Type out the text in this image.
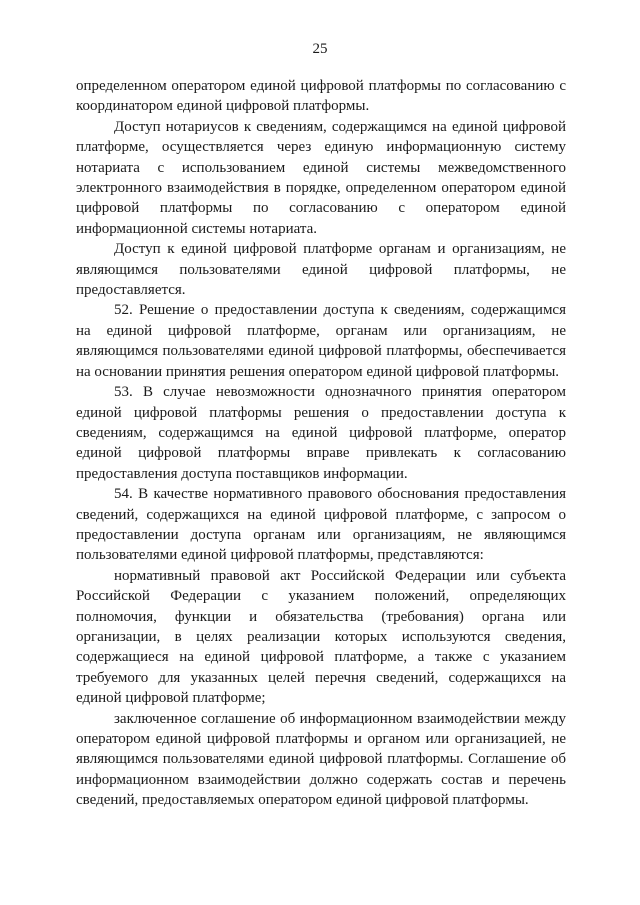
25

определенном оператором единой цифровой платформы по согласованию с координатором единой цифровой платформы.

Доступ нотариусов к сведениям, содержащимся на единой цифровой платформе, осуществляется через единую информационную систему нотариата с использованием единой системы межведомственного электронного взаимодействия в порядке, определенном оператором единой цифровой платформы по согласованию с оператором единой информационной системы нотариата.

Доступ к единой цифровой платформе органам и организациям, не являющимся пользователями единой цифровой платформы, не предоставляется.

52. Решение о предоставлении доступа к сведениям, содержащимся на единой цифровой платформе, органам или организациям, не являющимся пользователями единой цифровой платформы, обеспечивается на основании принятия решения оператором единой цифровой платформы.

53. В случае невозможности однозначного принятия оператором единой цифровой платформы решения о предоставлении доступа к сведениям, содержащимся на единой цифровой платформе, оператор единой цифровой платформы вправе привлекать к согласованию предоставления доступа поставщиков информации.

54. В качестве нормативного правового обоснования предоставления сведений, содержащихся на единой цифровой платформе, с запросом о предоставлении доступа органам или организациям, не являющимся пользователями единой цифровой платформы, представляются:

нормативный правовой акт Российской Федерации или субъекта Российской Федерации с указанием положений, определяющих полномочия, функции и обязательства (требования) органа или организации, в целях реализации которых используются сведения, содержащиеся на единой цифровой платформе, а также с указанием требуемого для указанных целей перечня сведений, содержащихся на единой цифровой платформе;

заключенное соглашение об информационном взаимодействии между оператором единой цифровой платформы и органом или организацией, не являющимся пользователями единой цифровой платформы. Соглашение об информационном взаимодействии должно содержать состав и перечень сведений, предоставляемых оператором единой цифровой платформы.
